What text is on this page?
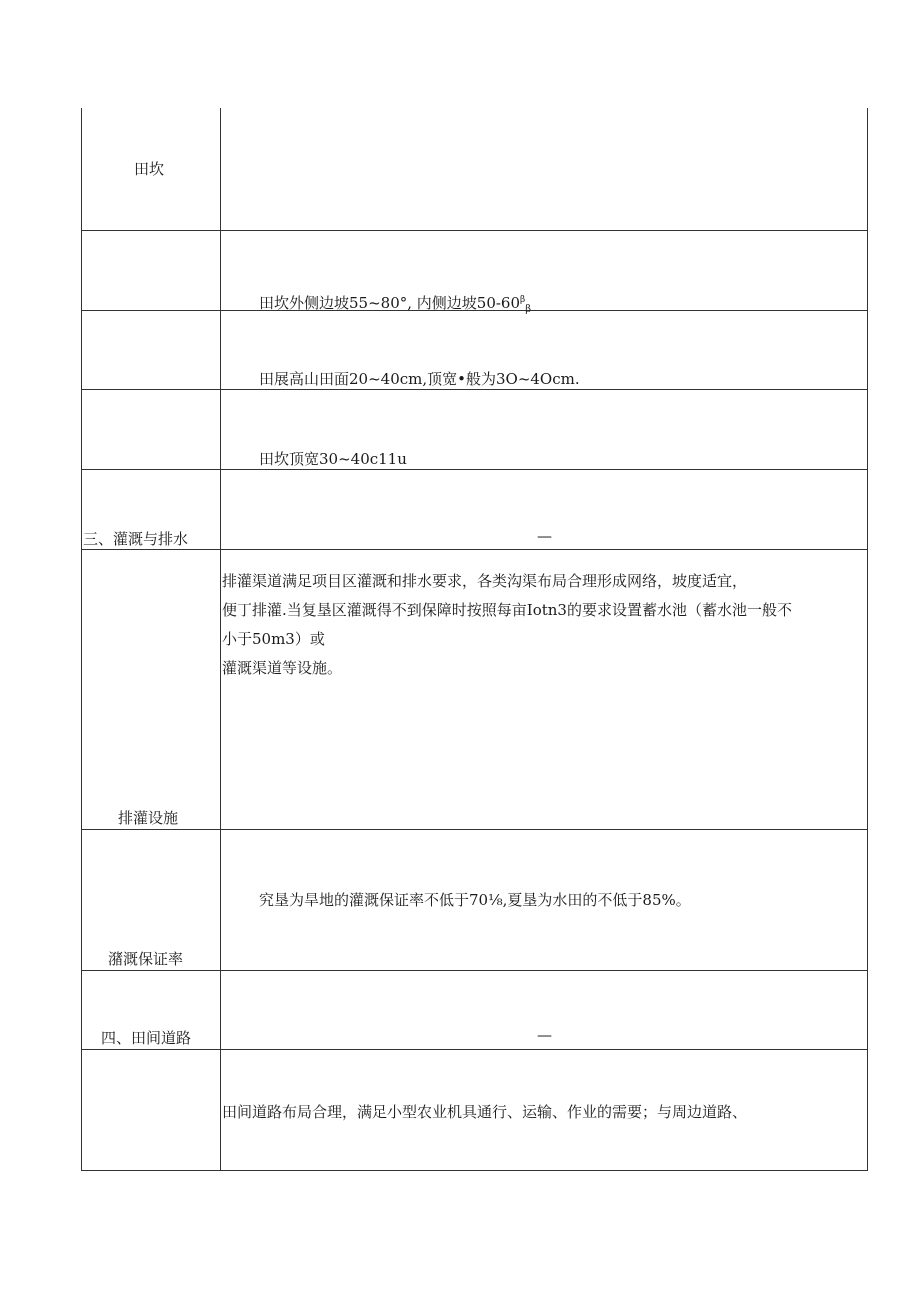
田坎
田坎外侧边坡55~80°, 内侧边坡$50-60^\beta_\beta$
田展高山田面20~40cm,顶宽•般为3O~4Ocm.
田坎顶宽30~40c11u
三、灌溉与排水	—
排灌渠道满足项目区灌溉和排水要求，各类沟渠布局合理形成网络，坡度适宜，
便丁排灌.当复垦区灌溉得不到保障时按照每亩Iotn3的要求设置蓄水池（蓄水池一般不
小于50m3）或
灌溉渠道等设施。
排灌设施
究垦为旱地的灌溉保证率不低于70⅛,夏垦为水田的不低于85%。
潴溉保证率
四、田间道路	—
田间道路布局合理，满足小型农业机具通行、运输、作业的需要；与周边道路、
